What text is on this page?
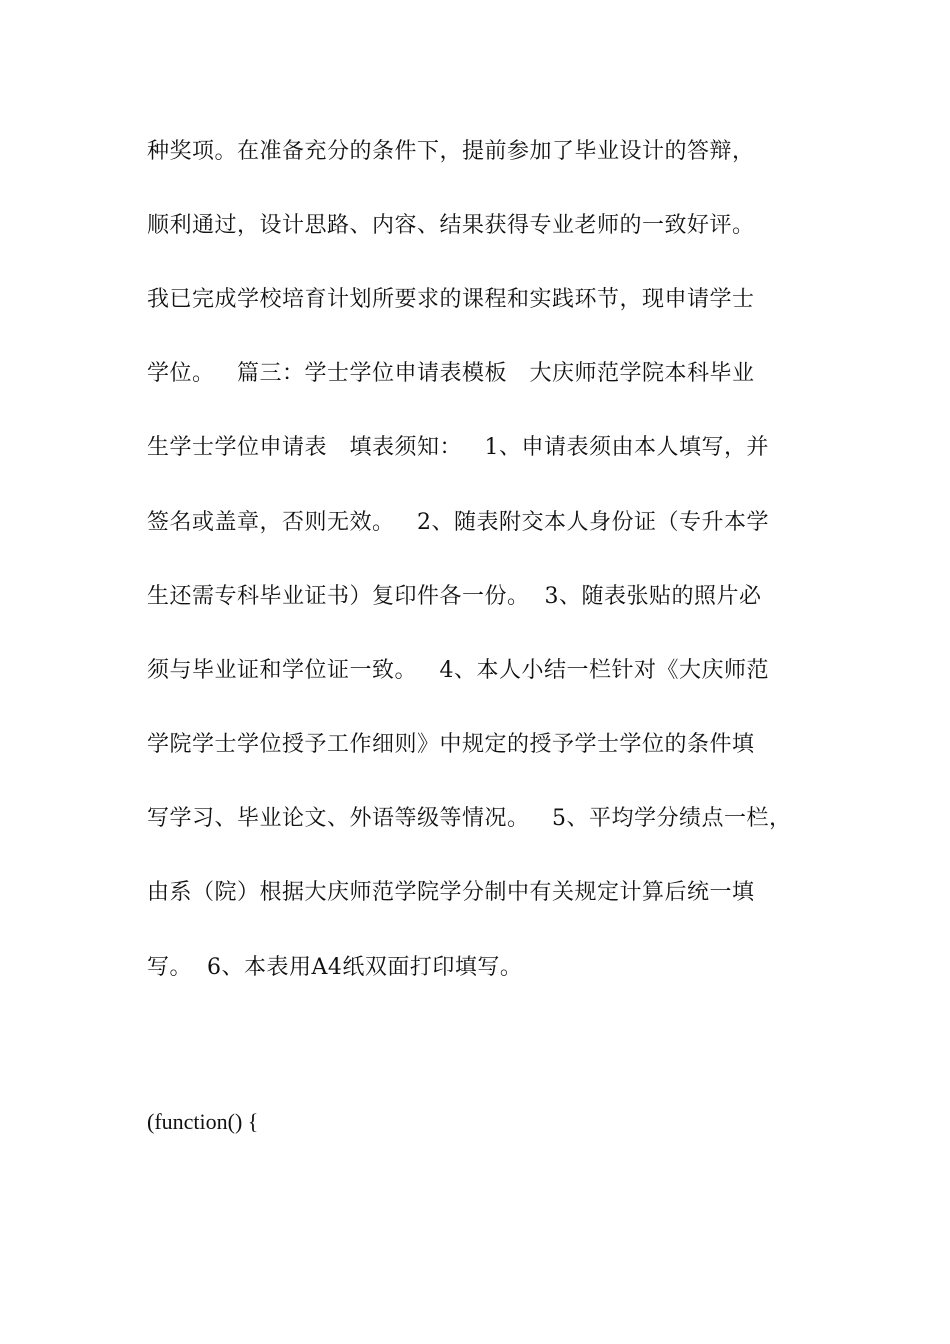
种奖项。在准备充分的条件下，提前参加了毕业设计的答辩，
顺利通过，设计思路、内容、结果获得专业老师的一致好评。
我已完成学校培育计划所要求的课程和实践环节，现申请学士
学位。   篇三：学士学位申请表模板   大庆师范学院本科毕业
生学士学位申请表   填表须知：   1、申请表须由本人填写，并
签名或盖章，否则无效。   2、随表附交本人身份证（专升本学
生还需专科毕业证书）复印件各一份。  3、随表张贴的照片必
须与毕业证和学位证一致。   4、本人小结一栏针对《大庆师范
学院学士学位授予工作细则》中规定的授予学士学位的条件填
写学习、毕业论文、外语等级等情况。   5、平均学分绩点一栏，
由系（院）根据大庆师范学院学分制中有关规定计算后统一填
写。  6、本表用A4纸双面打印填写。
(function() {
